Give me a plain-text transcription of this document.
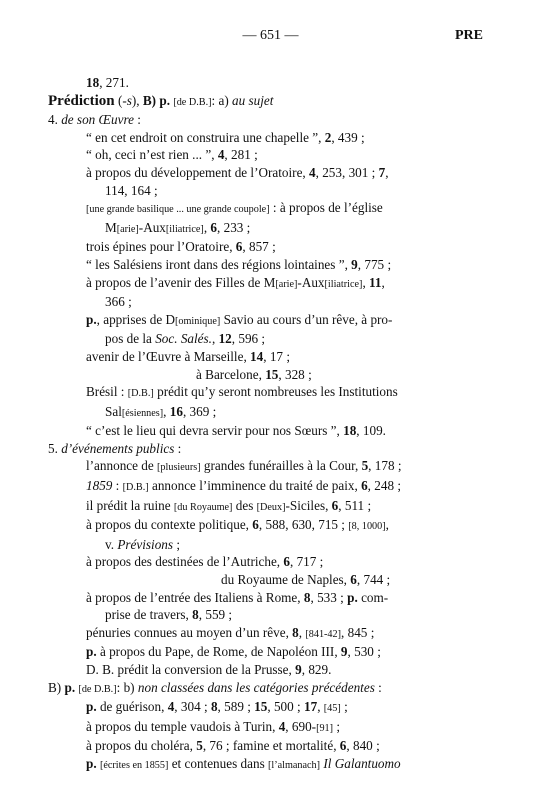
— 651 —	PRE
18, 271.
Prédiction (-s), B) p. [de D.B.]: a) au sujet
4. de son Œuvre :
“ en cet endroit on construira une chapelle ”, 2, 439 ;
“ oh, ceci n’est rien ... ”, 4, 281 ;
à propos du développement de l’Oratoire, 4, 253, 301 ; 7,
114, 164 ;
[une grande basilique ... une grande coupole] : à propos de l’église
M[arie]-Aux[iliatrice], 6, 233 ;
trois épines pour l’Oratoire, 6, 857 ;
“ les Salésiens iront dans des régions lointaines ”, 9, 775 ;
à propos de l’avenir des Filles de M[arie]-Aux[iliatrice], 11,
366 ;
p., apprises de D[ominique] Savio au cours d’un rêve, à pro-
pos de la Soc. Salés., 12, 596 ;
avenir de l’Œuvre à Marseille, 14, 17 ;
à Barcelone, 15, 328 ;
Brésil : [D.B.] prédit qu’y seront nombreuses les Institutions
Sal[ésiennes], 16, 369 ;
“ c’est le lieu qui devra servir pour nos Sœurs ”, 18, 109.
5. d’événements publics :
l’annonce de [plusieurs] grandes funérailles à la Cour, 5, 178 ;
1859 : [D.B.] annonce l’imminence du traité de paix, 6, 248 ;
il prédit la ruine [du Royaume] des [Deux]-Siciles, 6, 511 ;
à propos du contexte politique, 6, 588, 630, 715 ; [8, 1000],
v. Prévisions ;
à propos des destinées de l’Autriche, 6, 717 ;
du Royaume de Naples, 6, 744 ;
à propos de l’entrée des Italiens à Rome, 8, 533 ; p. com-
prise de travers, 8, 559 ;
pénuries connues au moyen d’un rêve, 8, [841-42], 845 ;
p. à propos du Pape, de Rome, de Napoléon III, 9, 530 ;
D. B. prédit la conversion de la Prusse, 9, 829.
B) p. [de D.B.]: b) non classées dans les catégories précédentes :
p. de guérison, 4, 304 ; 8, 589 ; 15, 500 ; 17, [45] ;
à propos du temple vaudois à Turin, 4, 690-[91] ;
à propos du choléra, 5, 76 ; famine et mortalité, 6, 840 ;
p. [écrites en 1855] et contenues dans [l’almanach] Il Galantuomo
